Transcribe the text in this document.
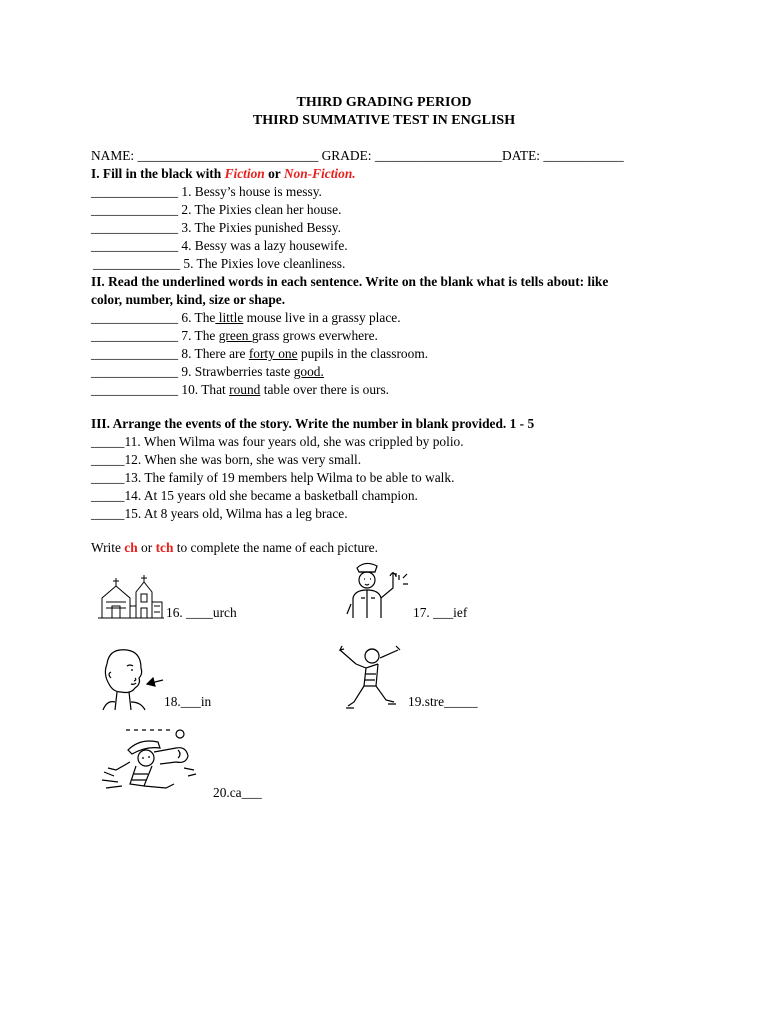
THIRD GRADING PERIOD
THIRD SUMMATIVE TEST IN ENGLISH
NAME: ___________________________ GRADE: ___________________DATE: ____________
I. Fill in the black with Fiction or Non-Fiction.
_____________ 1. Bessy’s house is messy.
_____________ 2. The Pixies clean her house.
_____________ 3. The Pixies punished Bessy.
_____________ 4. Bessy was a lazy housewife.
_____________ 5. The Pixies love cleanliness.
II. Read the underlined words in each sentence. Write on the blank what is tells about: like
color, number, kind, size or shape.
_____________ 6. The little mouse live in a grassy place.
_____________ 7. The green grass grows everwhere.
_____________ 8. There are forty one pupils in the classroom.
_____________ 9. Strawberries taste good.
_____________ 10. That round table over there is ours.
III. Arrange the events of the story. Write the number in blank provided. 1 - 5
_____11. When Wilma was four years old, she was crippled by polio.
_____12. When she was born, she was very small.
_____13. The family of 19 members help Wilma to be able to walk.
_____14. At 15 years old she became a basketball champion.
_____15. At 8 years old, Wilma has a leg brace.
Write ch or tch to complete the name of each picture.
16. ____urch	17. ___ief
18.___in	19.stre_____
20.ca___
